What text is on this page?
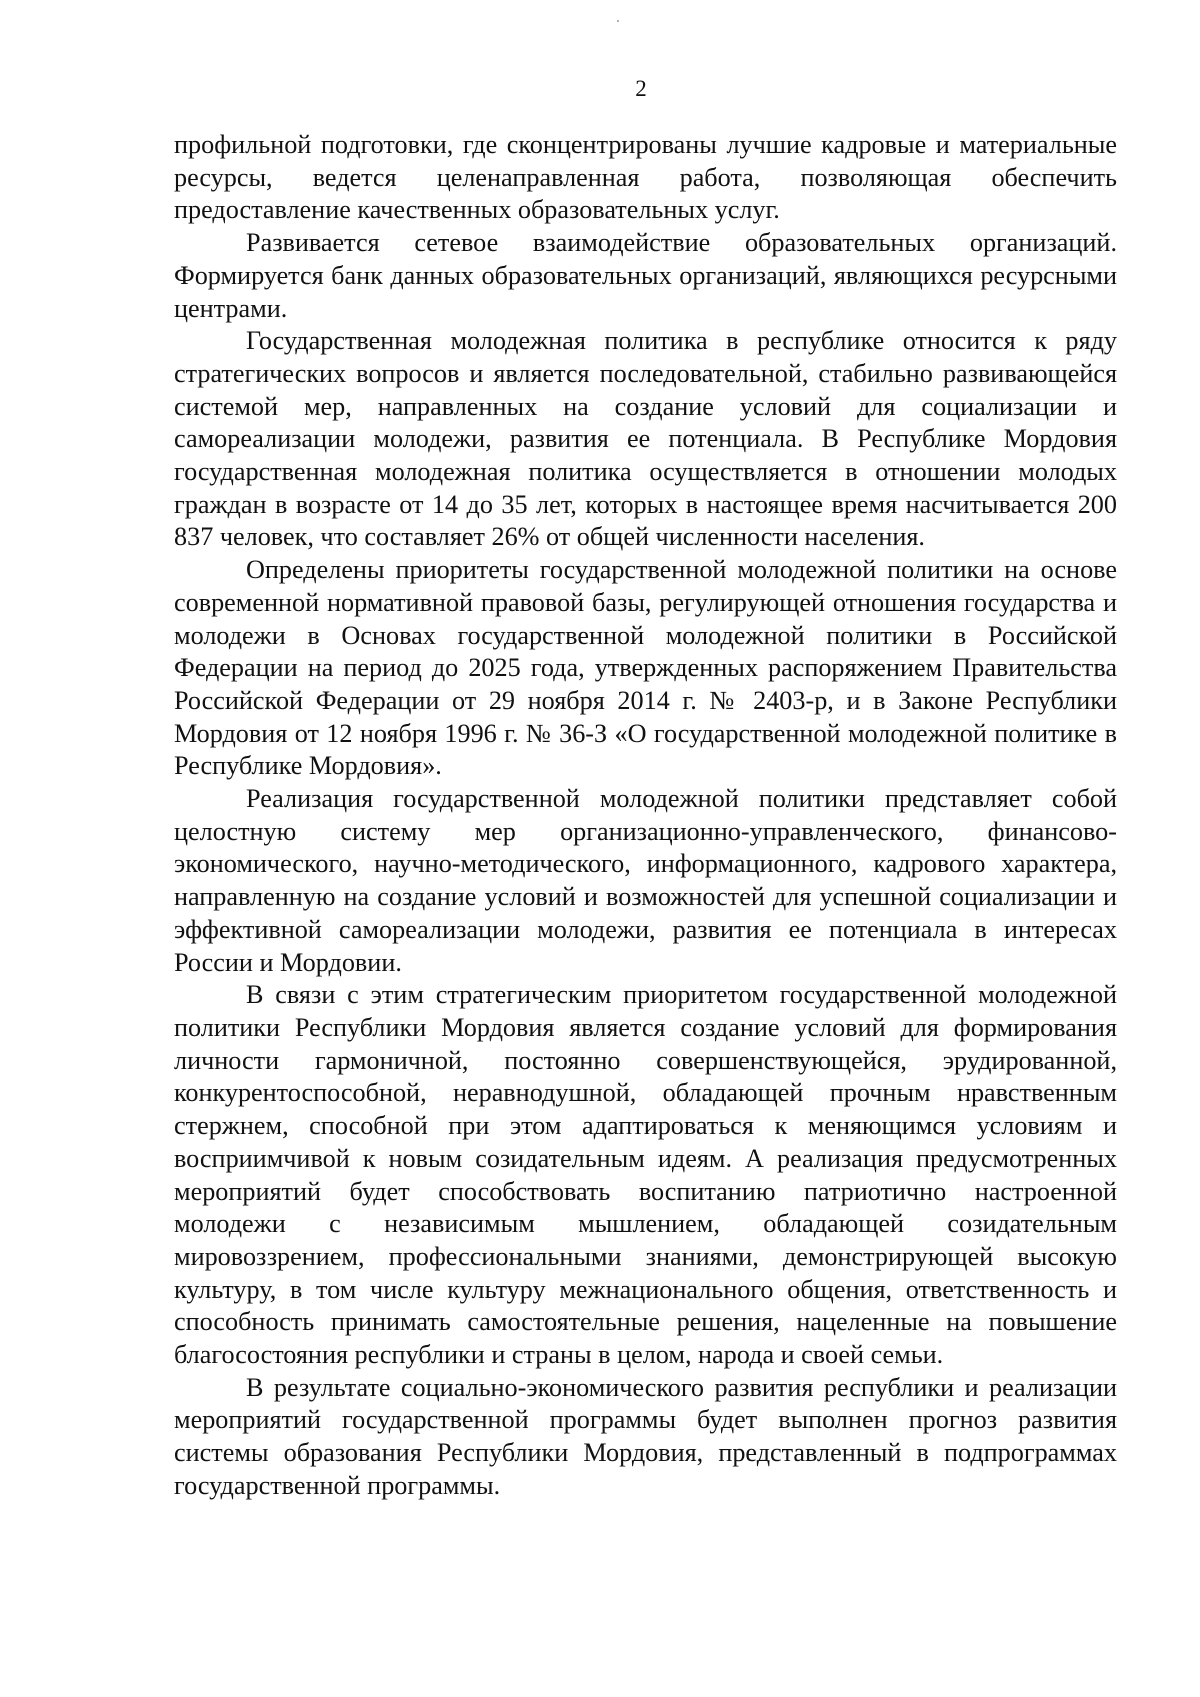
2

профильной подготовки, где сконцентрированы лучшие кадровые и материальные ресурсы, ведется целенаправленная работа, позволяющая обеспечить предоставление качественных образовательных услуг.

Развивается сетевое взаимодействие образовательных организаций. Формируется банк данных образовательных организаций, являющихся ресурсными центрами.

Государственная молодежная политика в республике относится к ряду стратегических вопросов и является последовательной, стабильно развивающейся системой мер, направленных на создание условий для социализации и самореализации молодежи, развития ее потенциала. В Республике Мордовия государственная молодежная политика осуществляется в отношении молодых граждан в возрасте от 14 до 35 лет, которых в настоящее время насчитывается 200 837 человек, что составляет 26% от общей численности населения.

Определены приоритеты государственной молодежной политики на основе современной нормативной правовой базы, регулирующей отношения государства и молодежи в Основах государственной молодежной политики в Российской Федерации на период до 2025 года, утвержденных распоряжением Правительства Российской Федерации от 29 ноября 2014 г. № 2403-р, и в Законе Республики Мордовия от 12 ноября 1996 г. № 36-З «О государственной молодежной политике в Республике Мордовия».

Реализация государственной молодежной политики представляет собой целостную систему мер организационно-управленческого, финансово-экономического, научно-методического, информационного, кадрового характера, направленную на создание условий и возможностей для успешной социализации и эффективной самореализации молодежи, развития ее потенциала в интересах России и Мордовии.

В связи с этим стратегическим приоритетом государственной молодежной политики Республики Мордовия является создание условий для формирования личности гармоничной, постоянно совершенствующейся, эрудированной, конкурентоспособной, неравнодушной, обладающей прочным нравственным стержнем, способной при этом адаптироваться к меняющимся условиям и восприимчивой к новым созидательным идеям. А реализация предусмотренных мероприятий будет способствовать воспитанию патриотично настроенной молодежи с независимым мышлением, обладающей созидательным мировоззрением, профессиональными знаниями, демонстрирующей высокую культуру, в том числе культуру межнационального общения, ответственность и способность принимать самостоятельные решения, нацеленные на повышение благосостояния республики и страны в целом, народа и своей семьи.

В результате социально-экономического развития республики и реализации мероприятий государственной программы будет выполнен прогноз развития системы образования Республики Мордовия, представленный в подпрограммах государственной программы.
